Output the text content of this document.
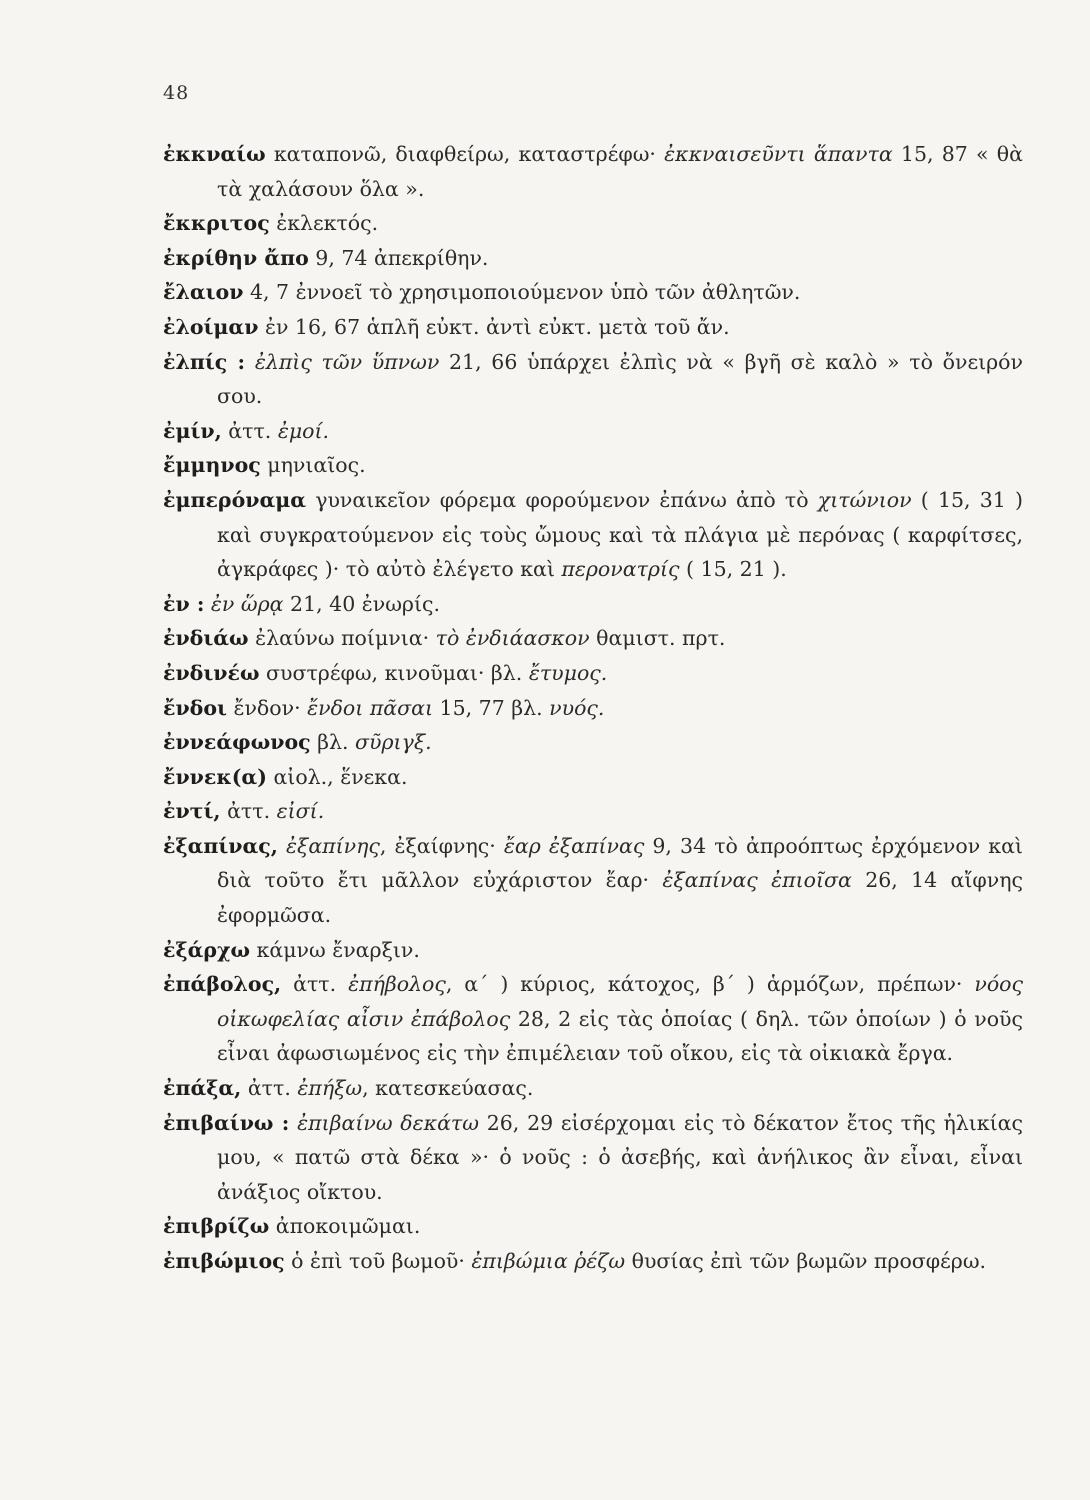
48
ἐκκναίω καταπονῶ, διαφθείρω, καταστρέφω· ἐκκναισεῦντι ἅπαντα 15, 87 « θὰ τὰ χαλάσουν ὅλα ».
ἔκκριτος ἐκλεκτός.
ἐκρίθην ἄπο 9, 74 ἀπεκρίθην.
ἔλαιον 4, 7 ἐννοεῖ τὸ χρησιμοποιούμενον ὑπὸ τῶν ἀθλητῶν.
ἐλοίμαν ἐν 16, 67 ἁπλῆ εὐκτ. ἀντὶ εὐκτ. μετὰ τοῦ ἄν.
ἐλπίς : ἐλπὶς τῶν ὕπνων 21, 66 ὑπάρχει ἐλπὶς νὰ « βγῆ σὲ καλὸ » τὸ ὄνειρόν σου.
ἐμίν, ἀττ. ἐμοί.
ἔμμηνος μηνιαῖος.
ἐμπερόναμα γυναικεῖον φόρεμα φορούμενον ἐπάνω ἀπὸ τὸ χιτώνιον ( 15, 31 ) καὶ συγκρατούμενον εἰς τοὺς ὤμους καὶ τὰ πλάγια μὲ περόνας ( καρφίτσες, ἀγκράφες )· τὸ αὐτὸ ἐλέγετο καὶ περονατρίς ( 15, 21 ).
ἐν : ἐν ὥρᾳ 21, 40 ἐνωρίς.
ἐνδιάω ἐλαύνω ποίμνια· τὸ ἐνδιάασκον θαμιστ. πρτ.
ἐνδινέω συστρέφω, κινοῦμαι· βλ. ἔτυμος.
ἔνδοι ἔνδον· ἔνδοι πᾶσαι 15, 77 βλ. νυός.
ἐννεάφωνος βλ. σῦριγξ.
ἔννεκ(α) αἰολ., ἕνεκα.
ἐντί, ἀττ. εἰσί.
ἐξαπίνας, ἐξαπίνης, ἐξαίφνης· ἔαρ ἐξαπίνας 9, 34 τὸ ἀπροόπτως ἐρχόμενον καὶ διὰ τοῦτο ἔτι μᾶλλον εὐχάριστον ἔαρ· ἐξαπίνας ἐπιοῖσα 26, 14 αἴφνης ἐφορμῶσα.
ἐξάρχω κάμνω ἔναρξιν.
ἐπάβολος, ἀττ. ἐπήβολος, α΄ ) κύριος, κάτοχος, β΄ ) ἁρμόζων, πρέπων· νόος οἰκωφελίας αἶσιν ἐπάβολος 28, 2 εἰς τὰς ὁποίας ( δηλ. τῶν ὁποίων ) ὁ νοῦς εἶναι ἀφωσιωμένος εἰς τὴν ἐπιμέλειαν τοῦ οἴκου, εἰς τὰ οἰκιακὰ ἔργα.
ἐπάξα, ἀττ. ἐπήξω, κατεσκεύασας.
ἐπιβαίνω : ἐπιβαίνω δεκάτω 26, 29 εἰσέρχομαι εἰς τὸ δέκατον ἔτος τῆς ἡλικίας μου, « πατῶ στὰ δέκα »· ὁ νοῦς : ὁ ἀσεβής, καὶ ἀνήλικος ἂν εἶναι, εἶναι ἀνάξιος οἴκτου.
ἐπιβρίζω ἀποκοιμῶμαι.
ἐπιβώμιος ὁ ἐπὶ τοῦ βωμοῦ· ἐπιβώμια ῥέζω θυσίας ἐπὶ τῶν βωμῶν προσφέρω.
